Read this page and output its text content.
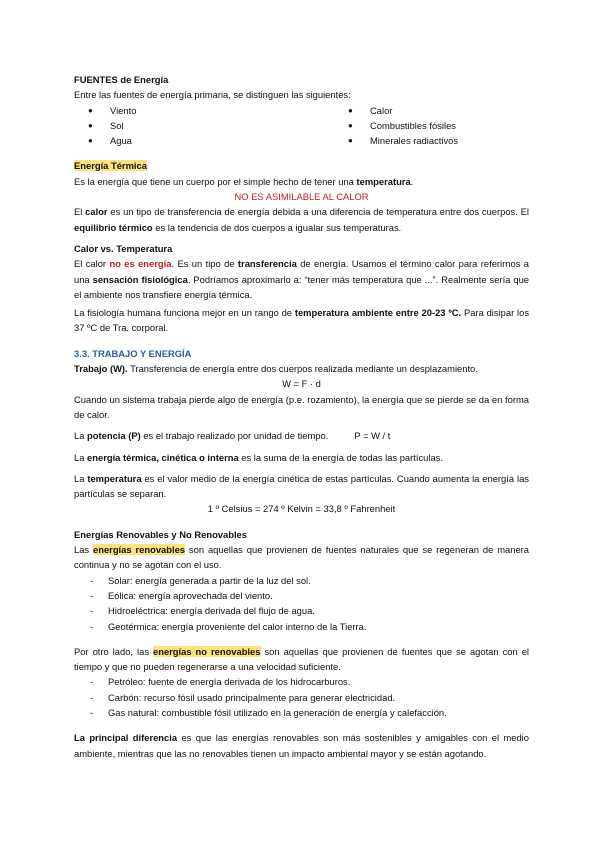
FUENTES de Energía

Entre las fuentes de energía primaria, se distinguen las siguientes:

● Viento	● Calor
● Sol	● Combustibles fósiles
● Agua	● Minerales radiactivos

Energía Térmica

Es la energía que tiene un cuerpo por el simple hecho de tener una temperatura.

NO ES ASIMILABLE AL CALOR

El calor es un tipo de transferencia de energía debida a una diferencia de temperatura entre dos cuerpos. El equilibrio térmico es la tendencia de dos cuerpos a igualar sus temperaturas.

Calor vs. Temperatura

El calor no es energía. Es un tipo de transferencia de energía. Usamos el término calor para referirnos a una sensación fisiológica. Podríamos aproximarlo a: “tener más temperatura que ...”. Realmente sería que el ambiente nos transfiere energía térmica.

La fisiología humana funciona mejor en un rango de temperatura ambiente entre 20-23 ºC. Para disipar los 37 ºC de Tra. corporal.

3.3. TRABAJO Y ENERGÍA

Trabajo (W). Transferencia de energía entre dos cuerpos realizada mediante un desplazamiento.

W = F · d

Cuando un sistema trabaja pierde algo de energía (p.e. rozamiento), la energía que se pierde se da en forma de calor.

La potencia (P) es el trabajo realizado por unidad de tiempo.	P = W / t

La energía térmica, cinética o interna es la suma de la energía de todas las partículas.

La temperatura es el valor medio de la energía cinética de estas partículas. Cuando aumenta la energía las partículas se separan.

1 º Celsius = 274 º Kelvin = 33,8 º Fahrenheit

Energías Renovables y No Renovables

Las energías renovables son aquellas que provienen de fuentes naturales que se regeneran de manera continua y no se agotan con el uso.

- Solar: energía generada a partir de la luz del sol.
- Eólica: energía aprovechada del viento.
- Hidroeléctrica: energía derivada del flujo de agua.
- Geotérmica: energía proveniente del calor interno de la Tierra.

Por otro lado, las energías no renovables son aquellas que provienen de fuentes que se agotan con el tiempo y que no pueden regenerarse a una velocidad suficiente.

- Petróleo: fuente de energía derivada de los hidrocarburos.
- Carbón: recurso fósil usado principalmente para generar electricidad.
- Gas natural: combustible fósil utilizado en la generación de energía y calefacción.

La principal diferencia es que las energías renovables son más sostenibles y amigables con el medio ambiente, mientras que las no renovables tienen un impacto ambiental mayor y se están agotando.
